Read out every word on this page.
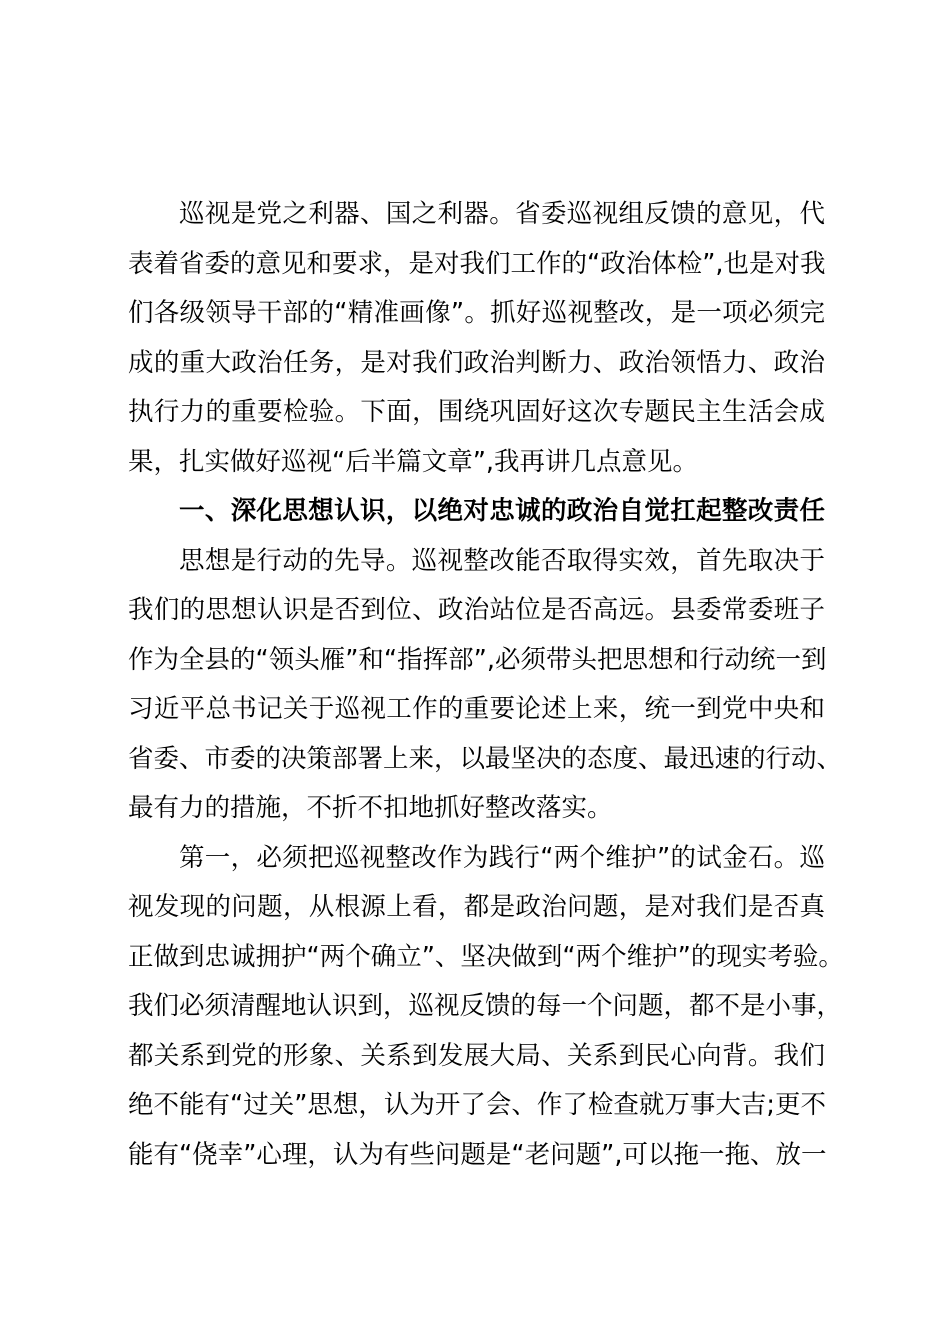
巡视是党之利器、国之利器。省委巡视组反馈的意见，代
表着省委的意见和要求，是对我们工作的“政治体检”,也是对我
们各级领导干部的“精准画像”。抓好巡视整改，是一项必须完
成的重大政治任务，是对我们政治判断力、政治领悟力、政治
执行力的重要检验。下面，围绕巩固好这次专题民主生活会成
果，扎实做好巡视“后半篇文章”,我再讲几点意见。
一、深化思想认识，以绝对忠诚的政治自觉扛起整改责任
思想是行动的先导。巡视整改能否取得实效，首先取决于
我们的思想认识是否到位、政治站位是否高远。县委常委班子
作为全县的“领头雁”和“指挥部”,必须带头把思想和行动统一到
习近平总书记关于巡视工作的重要论述上来，统一到党中央和
省委、市委的决策部署上来，以最坚决的态度、最迅速的行动、
最有力的措施，不折不扣地抓好整改落实。
第一，必须把巡视整改作为践行“两个维护”的试金石。巡
视发现的问题，从根源上看，都是政治问题，是对我们是否真
正做到忠诚拥护“两个确立”、坚决做到“两个维护”的现实考验。
我们必须清醒地认识到，巡视反馈的每一个问题，都不是小事，
都关系到党的形象、关系到发展大局、关系到民心向背。我们
绝不能有“过关”思想，认为开了会、作了检查就万事大吉;更不
能有“侥幸”心理，认为有些问题是“老问题”,可以拖一拖、放一
